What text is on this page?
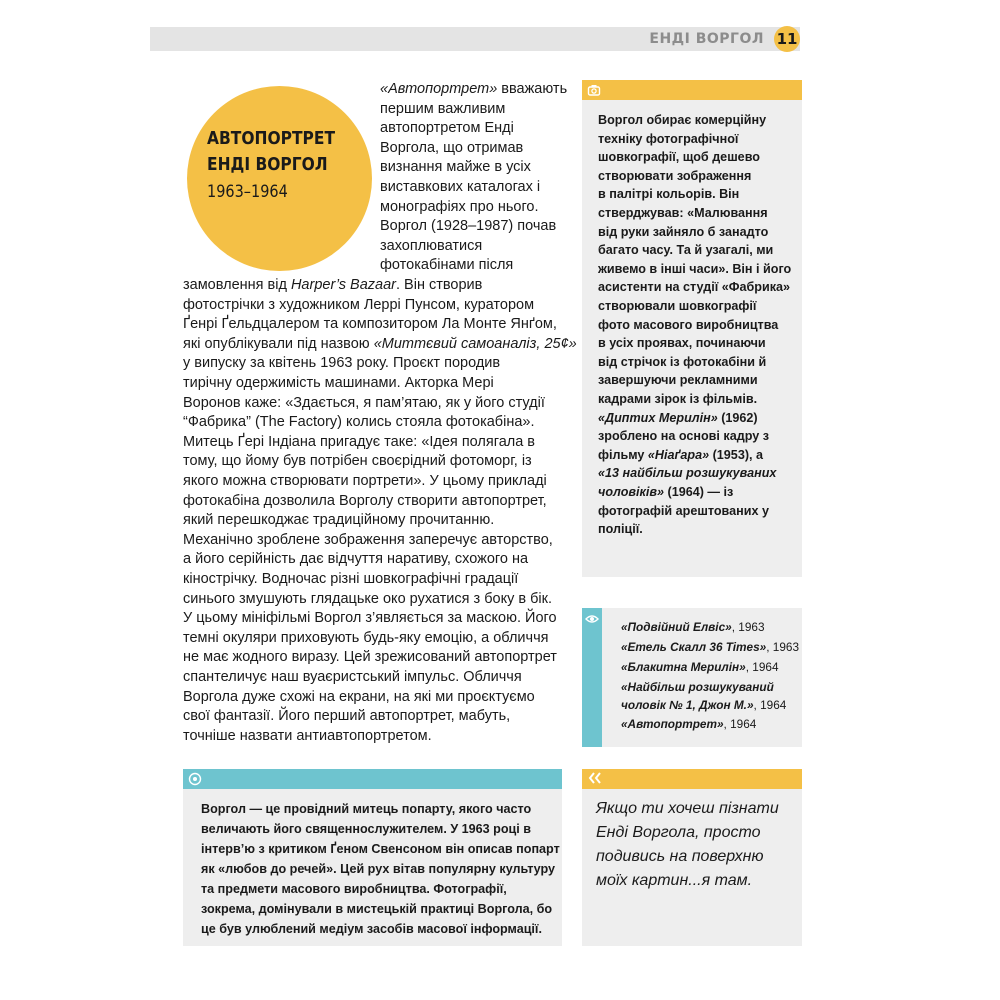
ЕНДІ ВОРГОЛ 11
АВТОПОРТРЕТ
ЕНДІ ВОРГОЛ
1963–1964
«Автопортрет» вважають
першим важливим
автопортретом Енді
Воргола, що отримав
визнання майже в усіх
виставкових каталогах і
монографіях про нього.
Воргол (1928–1987) почав
захоплюватися
фотокабінами після
замовлення від Harper’s Bazaar. Він створив
фотострічки з художником Леррі Пунсом, куратором
Ґенрі Ґельдцалером та композитором Ла Монте Янґом,
які опублікували під назвою «Миттєвий самоаналіз, 25¢»
у випуску за квітень 1963 року. Проєкт породив
тирічну одержимість машинами. Акторка Мері
Воронов каже: «Здається, я пам’ятаю, як у його студії
“Фабрика” (The Factory) колись стояла фотокабіна».
Митець Ґері Індіана пригадує таке: «Ідея полягала в
тому, що йому був потрібен своєрідний фотоморг, із
якого можна створювати портрети». У цьому прикладі
фотокабіна дозволила Ворголу створити автопортрет,
який перешкоджає традиційному прочитанню.
Механічно зроблене зображення заперечує авторство,
а його серійність дає відчуття наративу, схожого на
кінострічку. Водночас різні шовкографічні градації
синього змушують глядацьке око рухатися з боку в бік.
У цьому мініфільмі Воргол з’являється за маскою. Його
темні окуляри приховують будь-яку емоцію, а обличчя
не має жодного виразу. Цей зрежисований автопортрет
спантеличує наш вуаєристський імпульс. Обличчя
Воргола дуже схожі на екрани, на які ми проєктуємо
свої фантазії. Його перший автопортрет, мабуть,
точніше назвати антиавтопортретом.
Воргол обирає комерційну
техніку фотографічної
шовкографії, щоб дешево
створювати зображення
в палітрі кольорів. Він
стверджував: «Малювання
від руки зайняло б занадто
багато часу. Та й узагалі, ми
живемо в інші часи». Він і його
асистенти на студії «Фабрика»
створювали шовкографії
фото масового виробництва
в усіх проявах, починаючи
від стрічок із фотокабіни й
завершуючи рекламними
кадрами зірок із фільмів.
«Диптих Мерилін» (1962)
зроблено на основі кадру з
фільму «Ніаґара» (1953), а
«13 найбільш розшукуваних
чоловіків» (1964) — із
фотографій арештованих у
поліції.
«Подвійний Елвіс», 1963
«Етель Скалл 36 Times», 1963
«Блакитна Мерилін», 1964
«Найбільш розшукуваний
чоловік № 1, Джон М.», 1964
«Автопортрет», 1964
Воргол — це провідний митець попарту, якого часто
величають його священнослужителем. У 1963 році в
інтерв’ю з критиком Ґеном Свенсоном він описав попарт
як «любов до речей». Цей рух вітав популярну культуру
та предмети масового виробництва. Фотографії,
зокрема, домінували в мистецькій практиці Воргола, бо
це був улюблений медіум засобів масової інформації.
Якщо ти хочеш пізнати
Енді Воргола, просто
подивись на поверхню
моїх картин...я там.
